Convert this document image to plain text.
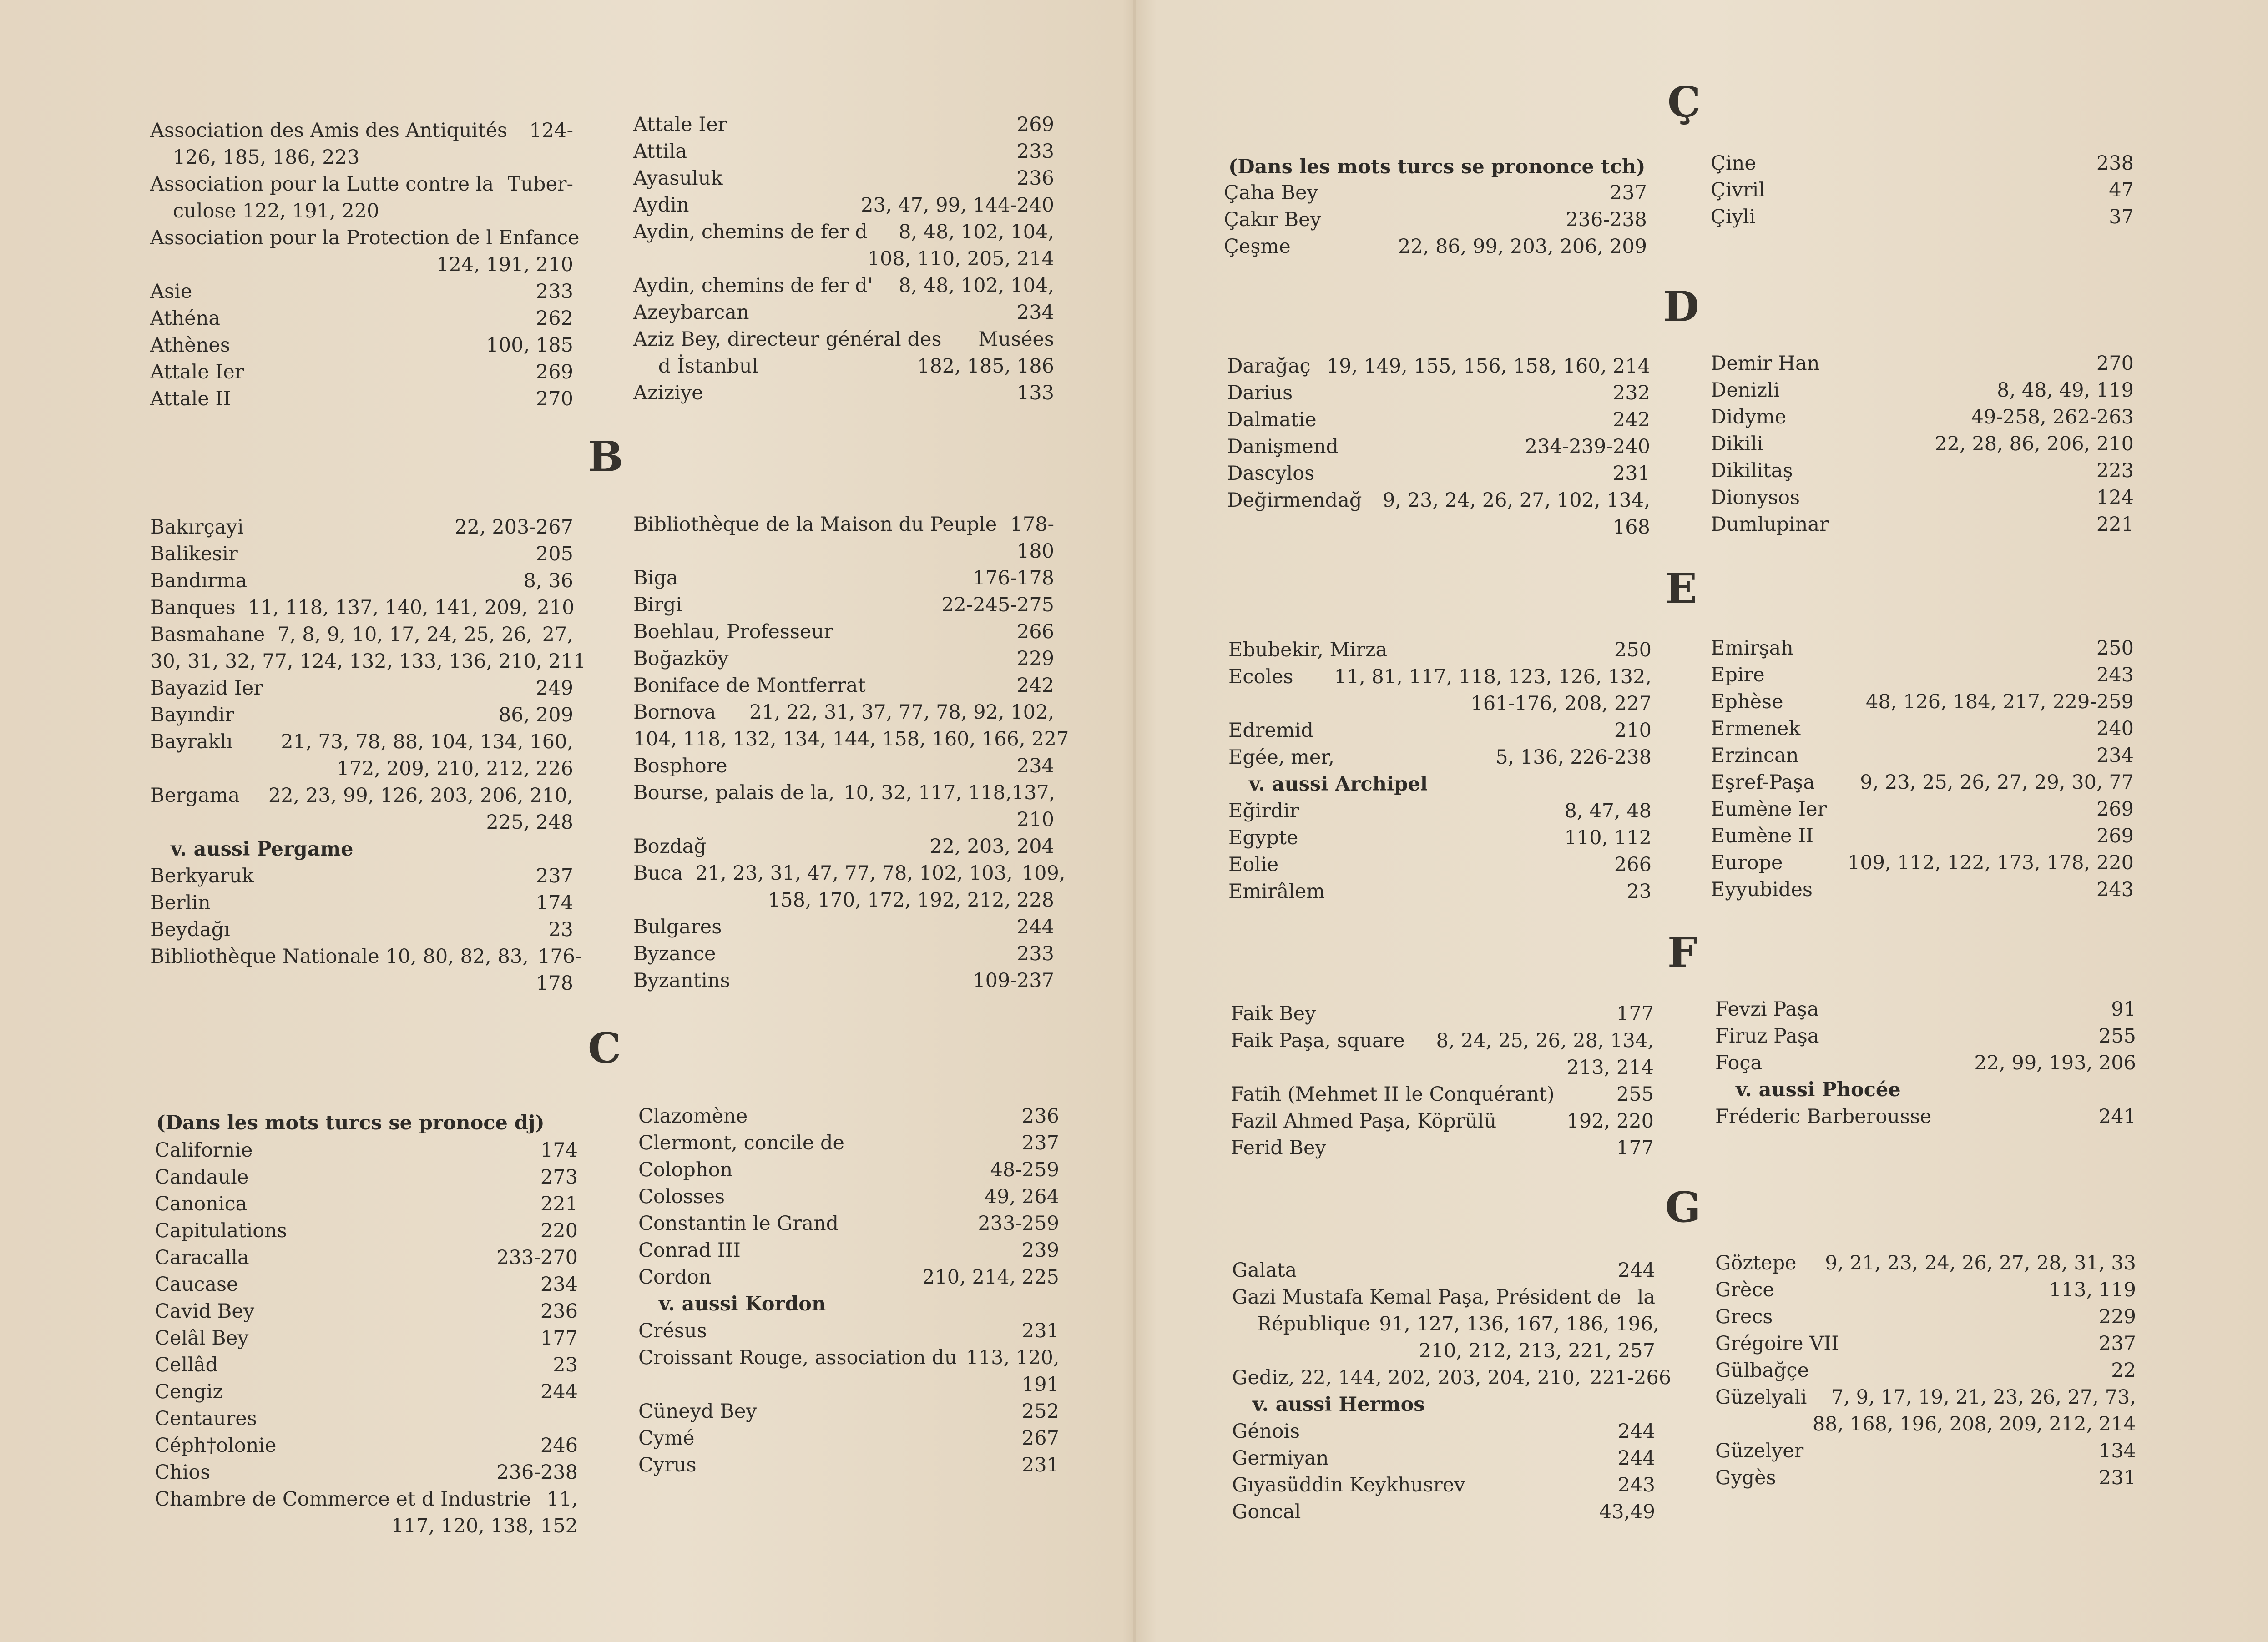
Association des Amis des Antiquités 124-
126, 185, 186, 223
Association pour la Lutte contre la Tuber-
culose 122, 191, 220
Association pour la Protection de l Enfance
124, 191, 210
Asie	233
Athéna	262
Athènes	100, 185
Attale Ier	269
Attale II	270
Attale Ier	269
Attila	233
Ayasuluk	236
Aydin	23, 47, 99, 144-240
Aydin, chemins de fer d 8, 48, 102, 104,
108, 110, 205, 214
Aydin, chemins de fer d' 8, 48, 102, 104,
Azeybarcan	234
Aziz Bey, directeur général des Musées
d İstanbul	182, 185, 186
Aziziye	133
B
Bakırçayi	22, 203-267
Balikesir	205
Bandırma	8, 36
Banques  11, 118, 137, 140, 141, 209, 210
Basmahane  7, 8, 9, 10, 17, 24, 25, 26, 27,
30, 31, 32, 77, 124, 132, 133, 136, 210, 211
Bayazid Ier	249
Bayındir	86, 209
Bayraklı 21, 73, 78, 88, 104, 134, 160,
172, 209, 210, 212, 226
Bergama 22, 23, 99, 126, 203, 206, 210,
225, 248
v. aussi Pergame
Berkyaruk	237
Berlin	174
Beydağı	23
Bibliothèque Nationale 10, 80, 82, 83, 176-
178
Bibliothèque de la Maison du Peuple 178-
180
Biga	176-178
Birgi	22-245-275
Boehlau, Professeur	266
Boğazköy	229
Boniface de Montferrat	242
Bornova 21, 22, 31, 37, 77, 78, 92, 102,
104, 118, 132, 134, 144, 158, 160, 166, 227
Bosphore	234
Bourse, palais de la, 10, 32, 117, 118,137,
210
Bozdağ	22, 203, 204
Buca  21, 23, 31, 47, 77, 78, 102, 103, 109,
158, 170, 172, 192, 212, 228
Bulgares	244
Byzance	233
Byzantins	109-237
C
(Dans les mots turcs se pronoce dj)
Californie	174
Candaule	273
Canonica	221
Capitulations	220
Caracalla	233-270
Caucase	234
Cavid Bey	236
Celâl Bey	177
Cellâd	23
Cengiz	244
Centaures
Céph†olonie	246
Chios	236-238
Chambre de Commerce et d Industrie 11,
117, 120, 138, 152
Clazomène	236
Clermont, concile de	237
Colophon	48-259
Colosses	49, 264
Constantin le Grand	233-259
Conrad III	239
Cordon	210, 214, 225
v. aussi Kordon
Crésus	231
Croissant Rouge, association du 113, 120,
191
Cüneyd Bey	252
Cymé	267
Cyrus	231
Ç
(Dans les mots turcs se prononce tch)
Çaha Bey	237
Çakır Bey	236-238
Çeşme	22, 86, 99, 203, 206, 209
Çine	238
Çivril	47
Çiyli	37
D
Darağaç 19, 149, 155, 156, 158, 160, 214
Darius	232
Dalmatie	242
Danişmend	234-239-240
Dascylos	231
Değirmendağ 9, 23, 24, 26, 27, 102, 134,
168
Demir Han	270
Denizli	8, 48, 49, 119
Didyme	49-258, 262-263
Dikili	22, 28, 86, 206, 210
Dikilitaş	223
Dionysos	124
Dumlupinar	221
E
Ebubekir, Mirza	250
Ecoles 11, 81, 117, 118, 123, 126, 132,
161-176, 208, 227
Edremid	210
Egée, mer,	5, 136, 226-238
v. aussi Archipel
Eğirdir	8, 47, 48
Egypte	110, 112
Eolie	266
Emirâlem	23
Emirşah	250
Epire	243
Ephèse	48, 126, 184, 217, 229-259
Ermenek	240
Erzincan	234
Eşref-Paşa 9, 23, 25, 26, 27, 29, 30, 77
Eumène Ier	269
Eumène II	269
Europe	109, 112, 122, 173, 178, 220
Eyyubides	243
F
Faik Bey	177
Faik Paşa, square 8, 24, 25, 26, 28, 134,
213, 214
Fatih (Mehmet II le Conquérant)	255
Fazil Ahmed Paşa, Köprülü	192, 220
Ferid Bey	177
Fevzi Paşa	91
Firuz Paşa	255
Foça	22, 99, 193, 206
v. aussi Phocée
Fréderic Barberousse	241
G
Galata	244
Gazi Mustafa Kemal Paşa, Président de la
République 91, 127, 136, 167, 186, 196,
210, 212, 213, 221, 257
Gediz, 22, 144, 202, 203, 204, 210, 221-266
v. aussi Hermos
Génois	244
Germiyan	244
Gıyasüddin Keykhusrev	243
Goncal	43,49
Göztepe 9, 21, 23, 24, 26, 27, 28, 31, 33
Grèce	113, 119
Grecs	229
Grégoire VII	237
Gülbağçe	22
Güzelyali 7, 9, 17, 19, 21, 23, 26, 27, 73,
88, 168, 196, 208, 209, 212, 214
Güzelyer	134
Gygès	231
